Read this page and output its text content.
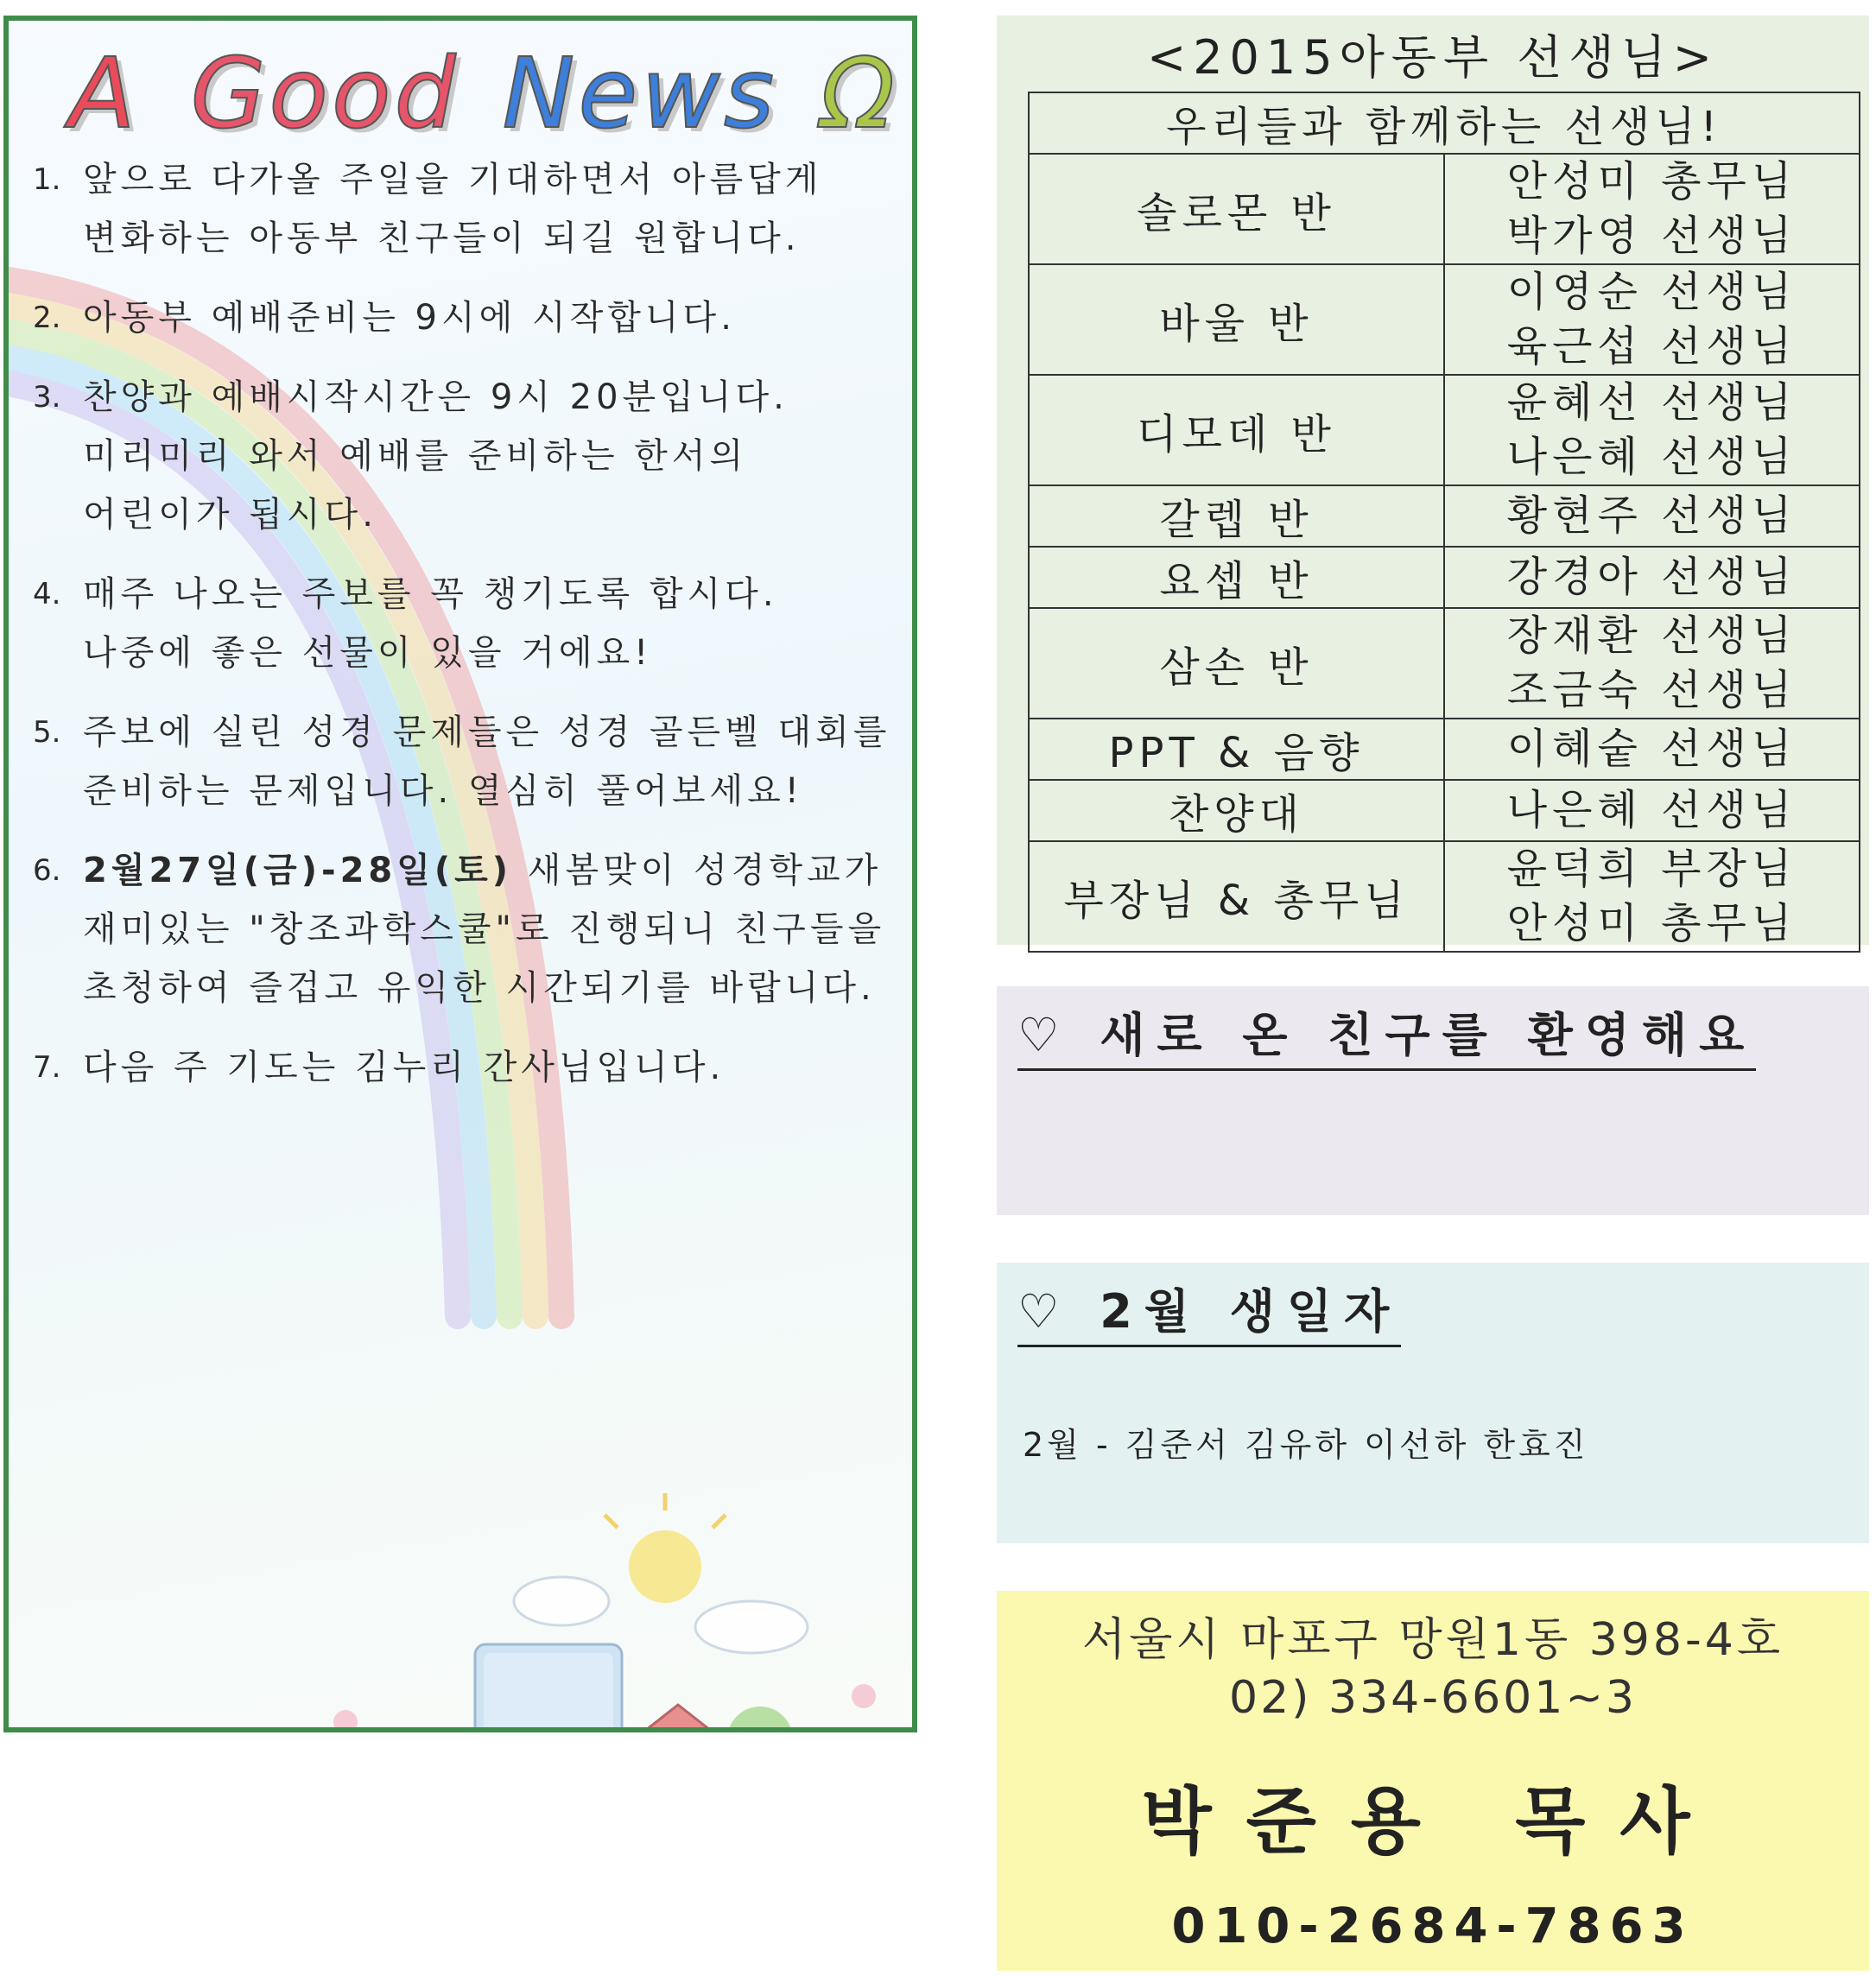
A Good News Ω
1. 앞으로 다가올 주일을 기대하면서 아름답게 변화하는 아동부 친구들이 되길 원합니다.
2. 아동부 예배준비는 9시에 시작합니다.
3. 찬양과 예배시작시간은 9시 20분입니다. 미리미리 와서 예배를 준비하는 한서의 어린이가 됩시다.
4. 매주 나오는 주보를 꼭 챙기도록 합시다. 나중에 좋은 선물이 있을 거에요!
5. 주보에 실린 성경 문제들은 성경 골든벨 대회를 준비하는 문제입니다. 열심히 풀어보세요!
6. 2월27일(금)-28일(토) 새봄맞이 성경학교가 재미있는 "창조과학스쿨"로 진행되니 친구들을 초청하여 즐겁고 유익한 시간되기를 바랍니다.
7. 다음 주 기도는 김누리 간사님입니다.
<2015아동부 선생님>
우리들과 함께하는 선생님!	
솔로몬 반	안성미 총무님
박가영 선생님

바울 반	이영순 선생님
육근섭 선생님

디모데 반	윤혜선 선생님
나은혜 선생님

갈렙 반	황현주 선생님

요셉 반	강경아 선생님

삼손 반	장재환 선생님
조금숙 선생님

PPT & 음향	이혜숱 선생님

찬양대	나은혜 선생님

부장님 & 총무님	윤덕희 부장님
안성미 총무님
♡ 새로 온 친구를 환영해요
♡ 2월 생일자
2월 - 김준서 김유하 이선하 한효진
서울시 마포구 망원1동 398-4호
02) 334-6601~3
박준용 목사
010-2684-7863
